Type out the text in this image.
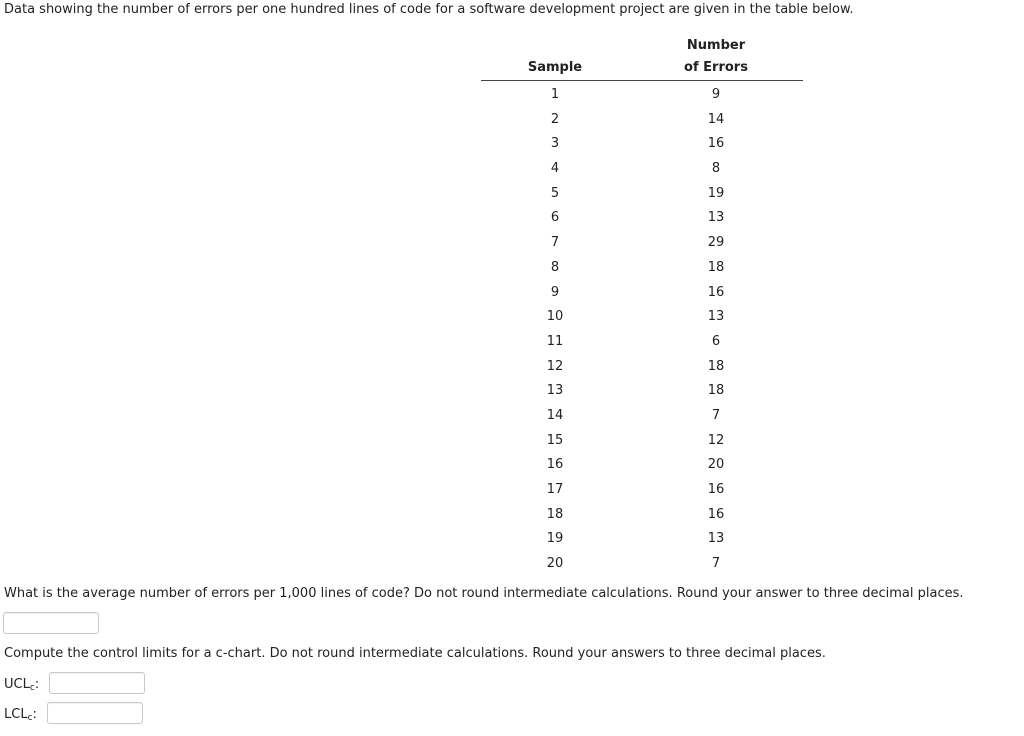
Data showing the number of errors per one hundred lines of code for a software development project are given in the table below.

Sample
Number
of Errors
1	9
2	14
3	16
4	8
5	19
6	13
7	29
8	18
9	16
10	13
11	6
12	18
13	18
14	7
15	12
16	20
17	16
18	16
19	13
20	7

What is the average number of errors per 1,000 lines of code? Do not round intermediate calculations. Round your answer to three decimal places.

Compute the control limits for a c-chart. Do not round intermediate calculations. Round your answers to three decimal places.

$UCL_c$:
$LCL_c$:
